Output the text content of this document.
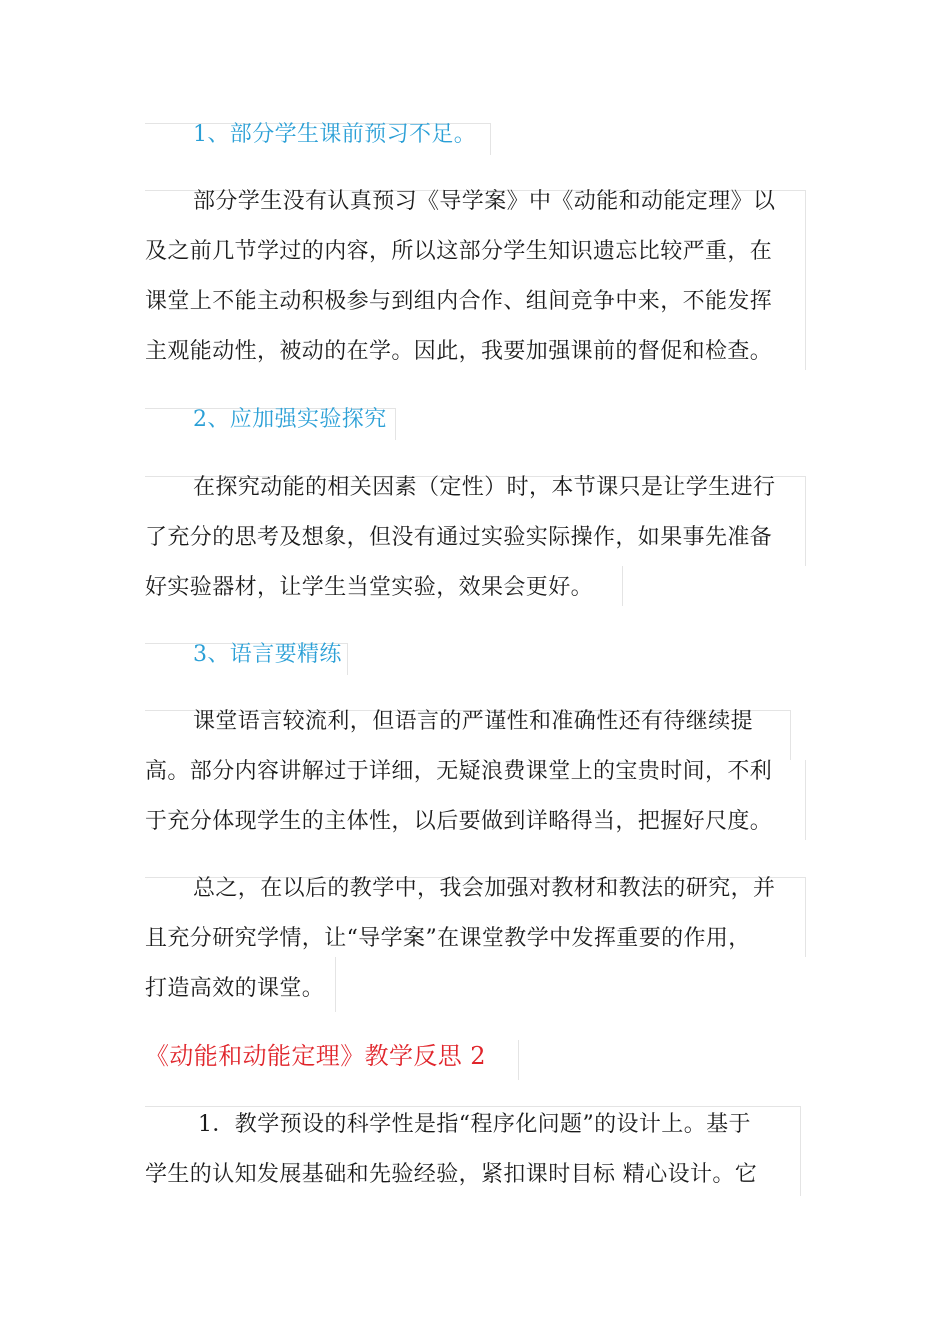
1、部分学生课前预习不足。
部分学生没有认真预习《导学案》中《动能和动能定理》以
及之前几节学过的内容，所以这部分学生知识遗忘比较严重，在
课堂上不能主动积极参与到组内合作、组间竞争中来，不能发挥
主观能动性，被动的在学。因此，我要加强课前的督促和检查。
2、应加强实验探究
在探究动能的相关因素（定性）时，本节课只是让学生进行
了充分的思考及想象，但没有通过实验实际操作，如果事先准备
好实验器材，让学生当堂实验，效果会更好。
3、语言要精练
课堂语言较流利，但语言的严谨性和准确性还有待继续提
高。部分内容讲解过于详细，无疑浪费课堂上的宝贵时间，不利
于充分体现学生的主体性，以后要做到详略得当，把握好尺度。
总之，在以后的教学中，我会加强对教材和教法的研究，并
且充分研究学情，让“导学案”在课堂教学中发挥重要的作用，
打造高效的课堂。
《动能和动能定理》教学反思 2
1．教学预设的科学性是指“程序化问题”的设计上。基于
学生的认知发展基础和先验经验，紧扣课时目标 精心设计。它
